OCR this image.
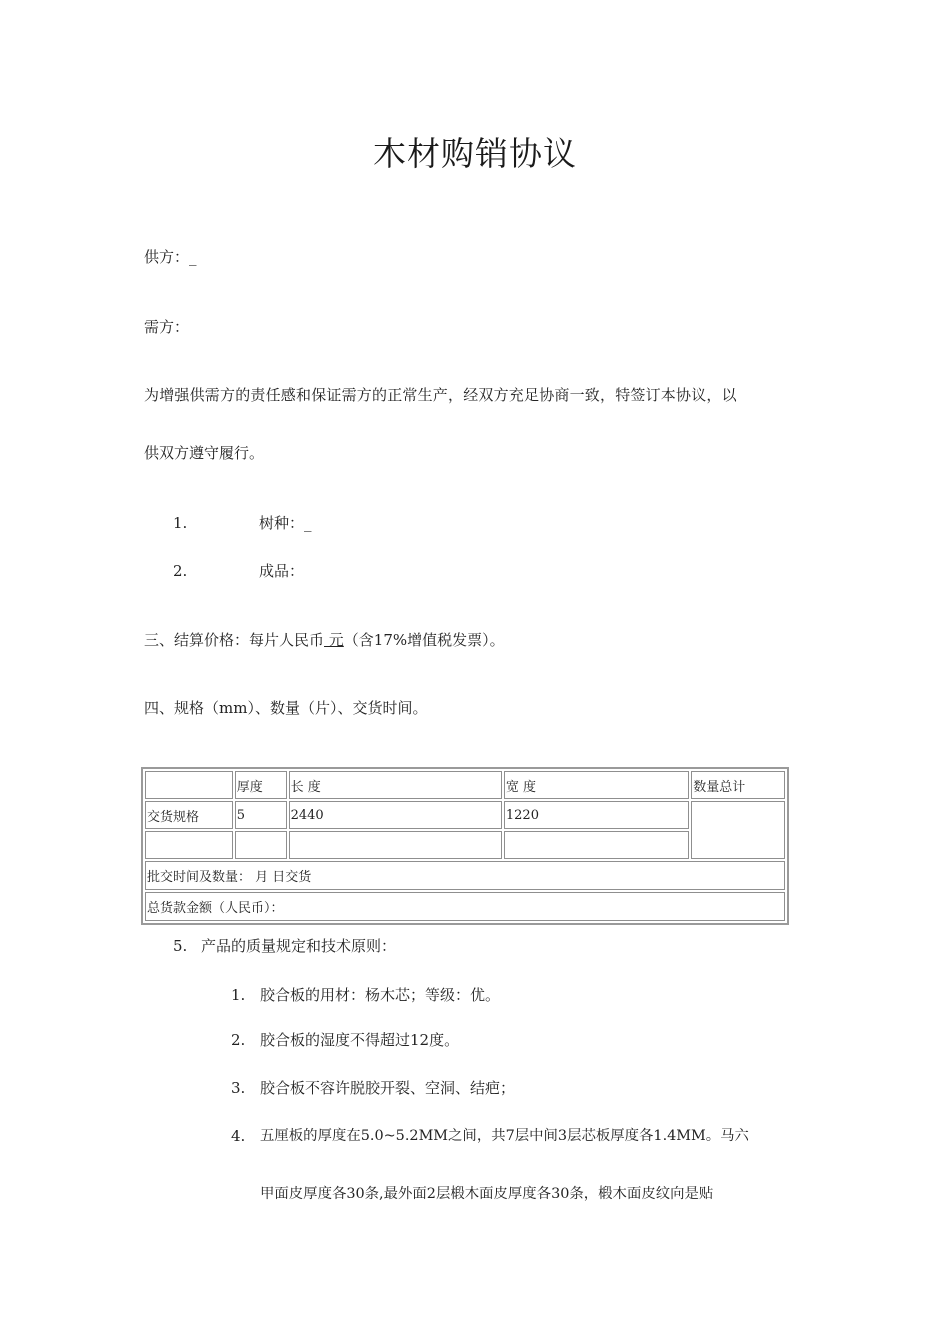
木材购销协议
供方：_
需方：
为增强供需方的责任感和保证需方的正常生产，经双方充足协商一致，特签订本协议，以
供双方遵守履行。
1.	树种：_
2.	成品：
三、结算价格：每片人民币 元（含17%增值税发票）。
四、规格（mm）、数量（片）、交货时间。
	厚度	长 度	宽 度	数量总计
交货规格	5	2440	1220	

批交时间及数量： 月 日交货				
总货款金额（人民币）：				
5. 产品的质量规定和技术原则：
1. 胶合板的用材：杨木芯；等级：优。
2. 胶合板的湿度不得超过12度。
3. 胶合板不容许脱胶开裂、空洞、结疤；
4. 五厘板的厚度在5.0~5.2MM之间，共7层中间3层芯板厚度各1.4MM。马六
甲面皮厚度各30条,最外面2层椴木面皮厚度各30条，椴木面皮纹向是贴
